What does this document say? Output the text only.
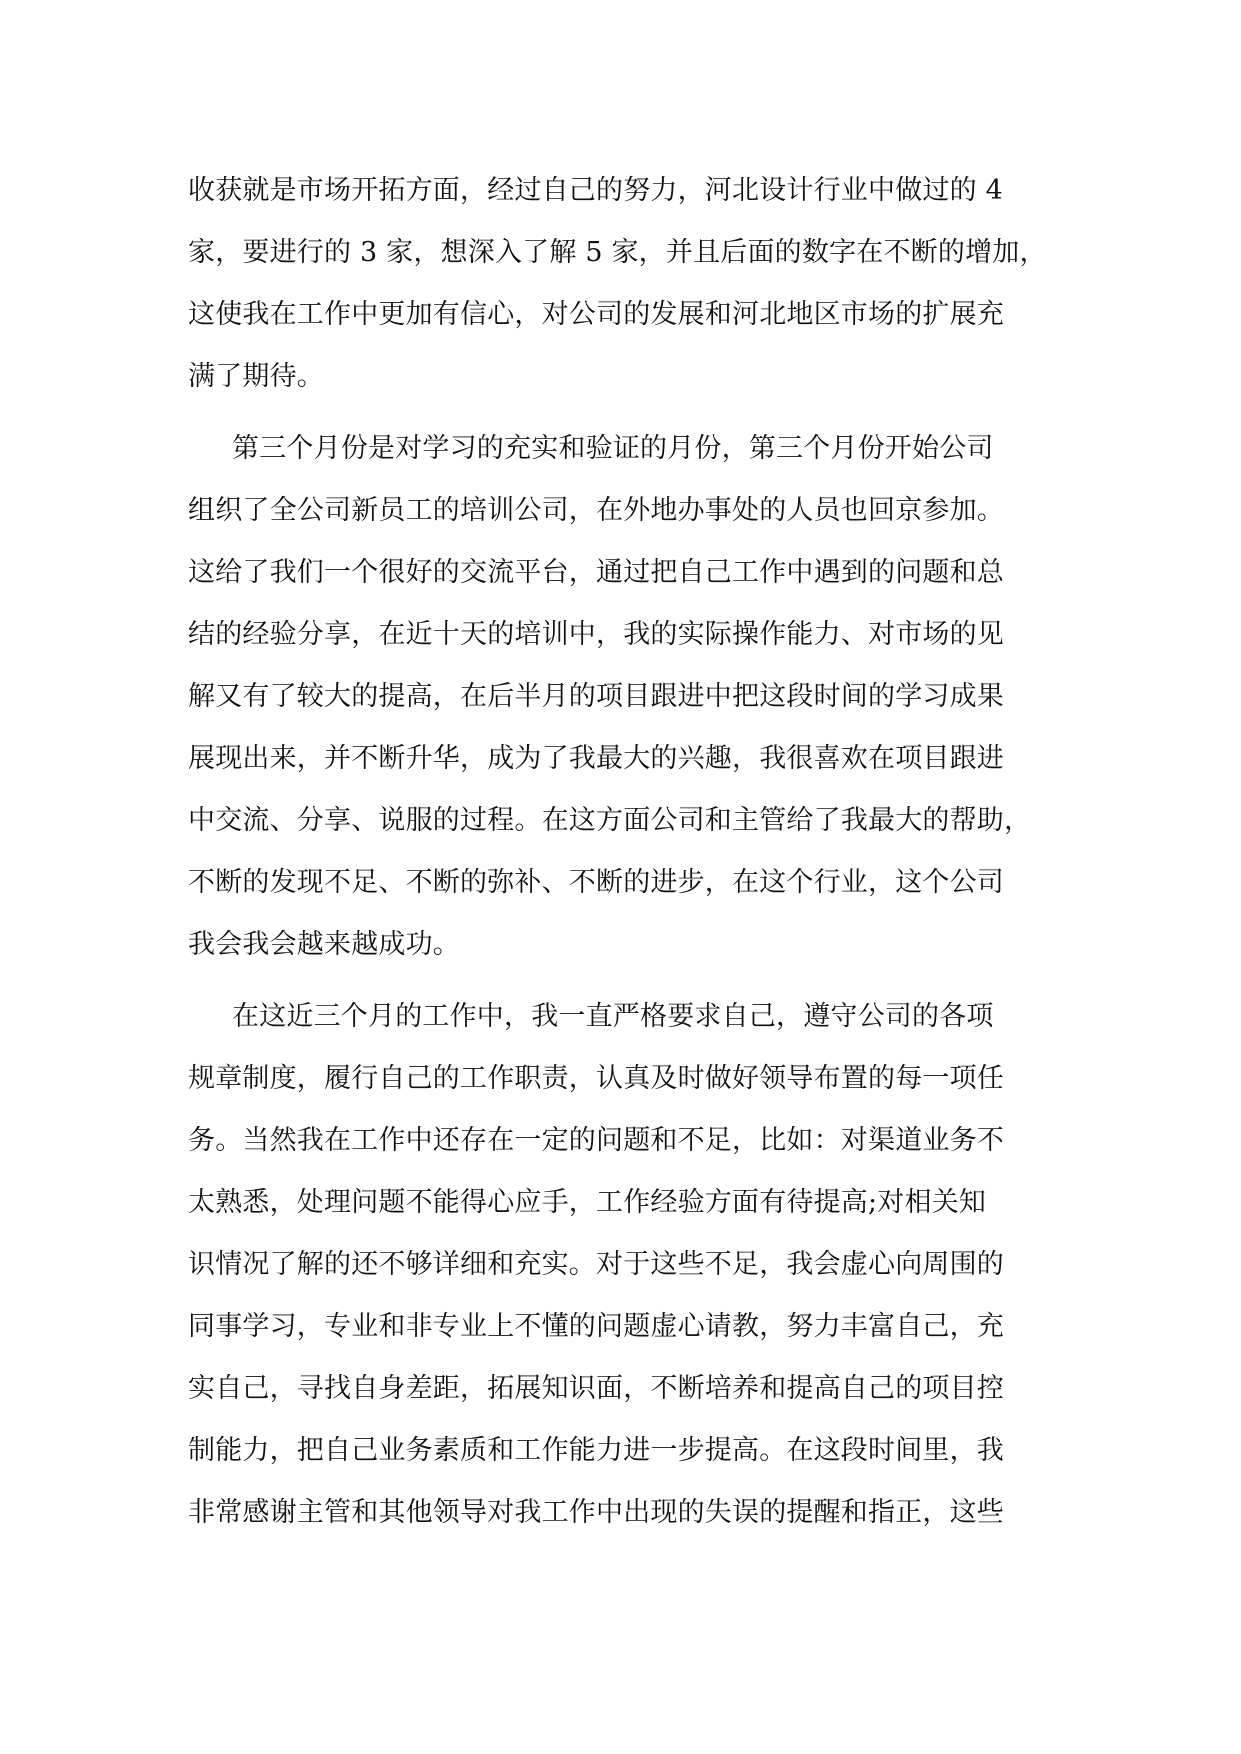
收获就是市场开拓方面，经过自己的努力，河北设计行业中做过的 4
家，要进行的 3 家，想深入了解 5 家，并且后面的数字在不断的增加，
这使我在工作中更加有信心，对公司的发展和河北地区市场的扩展充
满了期待。
第三个月份是对学习的充实和验证的月份，第三个月份开始公司
组织了全公司新员工的培训公司，在外地办事处的人员也回京参加。
这给了我们一个很好的交流平台，通过把自己工作中遇到的问题和总
结的经验分享，在近十天的培训中，我的实际操作能力、对市场的见
解又有了较大的提高，在后半月的项目跟进中把这段时间的学习成果
展现出来，并不断升华，成为了我最大的兴趣，我很喜欢在项目跟进
中交流、分享、说服的过程。在这方面公司和主管给了我最大的帮助，
不断的发现不足、不断的弥补、不断的进步，在这个行业，这个公司
我会我会越来越成功。
在这近三个月的工作中，我一直严格要求自己，遵守公司的各项
规章制度，履行自己的工作职责，认真及时做好领导布置的每一项任
务。当然我在工作中还存在一定的问题和不足，比如：对渠道业务不
太熟悉，处理问题不能得心应手，工作经验方面有待提高;对相关知
识情况了解的还不够详细和充实。对于这些不足，我会虚心向周围的
同事学习，专业和非专业上不懂的问题虚心请教，努力丰富自己，充
实自己，寻找自身差距，拓展知识面，不断培养和提高自己的项目控
制能力，把自己业务素质和工作能力进一步提高。在这段时间里，我
非常感谢主管和其他领导对我工作中出现的失误的提醒和指正，这些
